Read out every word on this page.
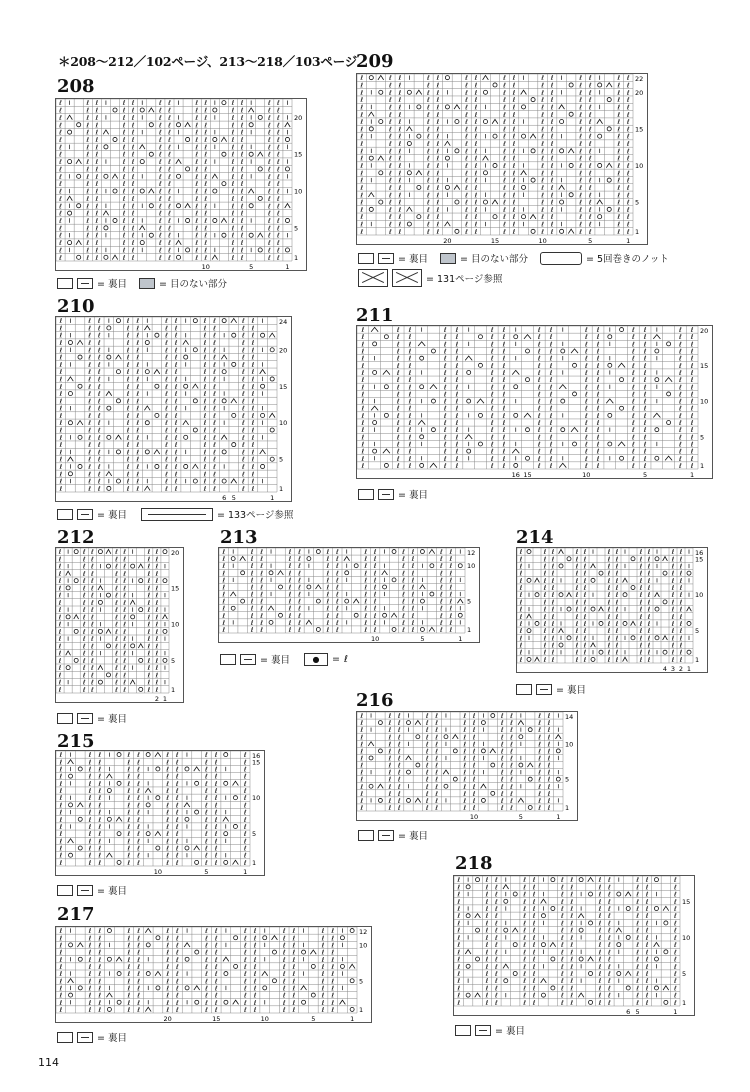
＊208〜212／102ページ、213〜218／103ページ
208
ℓ	ℓ ℓ	ℓ ℓ	ℓ ℓ	ℓ ℓ	ℓ ℓ	ℓ ℓ
ℓ	ℓ ℓ	ℓ ℓ	ℓ ℓ	ℓ ℓ	ℓ ℓ	ℓ ℓ
ℓ	ℓ ℓ	ℓ ℓ	ℓ ℓ	ℓ ℓ	ℓ ℓ	ℓ ℓ
ℓ	ℓ ℓ	ℓ ℓ	ℓ ℓ	ℓ ℓ	ℓ ℓ	ℓ ℓ
ℓ	ℓ ℓ	ℓ ℓ	ℓ ℓ	ℓ ℓ	ℓ ℓ	ℓ ℓ
ℓ	ℓ ℓ	ℓ ℓ	ℓ ℓ	ℓ ℓ	ℓ ℓ	ℓ ℓ
ℓ	ℓ ℓ	ℓ ℓ	ℓ ℓ	ℓ ℓ	ℓ ℓ	ℓ ℓ
ℓ	ℓ ℓ	ℓ ℓ	ℓ ℓ	ℓ ℓ	ℓ ℓ	ℓ ℓ
ℓ	ℓ ℓ	ℓ ℓ	ℓ ℓ	ℓ ℓ	ℓ ℓ	ℓ ℓ
ℓ	ℓ ℓ	ℓ ℓ	ℓ ℓ	ℓ ℓ	ℓ ℓ	ℓ ℓ
ℓ	ℓ ℓ	ℓ ℓ	ℓ ℓ	ℓ ℓ	ℓ ℓ	ℓ ℓ
ℓ	ℓ ℓ	ℓ ℓ	ℓ ℓ	ℓ ℓ	ℓ ℓ	ℓ ℓ
ℓ	ℓ ℓ	ℓ ℓ	ℓ ℓ	ℓ ℓ	ℓ ℓ	ℓ ℓ
ℓ	ℓ ℓ	ℓ ℓ	ℓ ℓ	ℓ ℓ	ℓ ℓ	ℓ ℓ
ℓ	ℓ ℓ	ℓ ℓ	ℓ ℓ	ℓ ℓ	ℓ ℓ	ℓ ℓ
ℓ	ℓ ℓ	ℓ ℓ	ℓ ℓ	ℓ ℓ	ℓ ℓ	ℓ ℓ
ℓ	ℓ ℓ	ℓ ℓ	ℓ ℓ	ℓ ℓ	ℓ ℓ	ℓ ℓ
ℓ	ℓ ℓ	ℓ ℓ	ℓ ℓ	ℓ ℓ	ℓ ℓ	ℓ ℓ
ℓ	ℓ ℓ	ℓ ℓ	ℓ ℓ	ℓ ℓ	ℓ ℓ	ℓ ℓ
ℓ	ℓ ℓ	ℓ ℓ	ℓ ℓ	ℓ ℓ	ℓ ℓ	ℓ ℓ
ℓ	ℓ ℓ	ℓ ℓ	ℓ ℓ	ℓ ℓ	ℓ ℓ	ℓ ℓ
ℓ	ℓ ℓ	ℓ ℓ	ℓ ℓ	ℓ ℓ	ℓ ℓ	ℓ ℓ
20
15
10
5
1
10	5	1
= 裏目	= 目のない部分
209
ℓ	ℓ ℓ	ℓ ℓ	ℓ ℓ	ℓ ℓ	ℓ ℓ	ℓ ℓ	ℓ ℓ
ℓ	ℓ ℓ	ℓ ℓ	ℓ ℓ	ℓ ℓ	ℓ ℓ	ℓ ℓ	ℓ ℓ
ℓ	ℓ ℓ	ℓ ℓ	ℓ ℓ	ℓ ℓ	ℓ ℓ	ℓ ℓ	ℓ ℓ
ℓ	ℓ ℓ	ℓ ℓ	ℓ ℓ	ℓ ℓ	ℓ ℓ	ℓ ℓ	ℓ ℓ
ℓ	ℓ ℓ	ℓ ℓ	ℓ ℓ	ℓ ℓ	ℓ ℓ	ℓ ℓ	ℓ ℓ
ℓ	ℓ ℓ	ℓ ℓ	ℓ ℓ	ℓ ℓ	ℓ ℓ	ℓ ℓ	ℓ ℓ
ℓ	ℓ ℓ	ℓ ℓ	ℓ ℓ	ℓ ℓ	ℓ ℓ	ℓ ℓ	ℓ ℓ
ℓ	ℓ ℓ	ℓ ℓ	ℓ ℓ	ℓ ℓ	ℓ ℓ	ℓ ℓ	ℓ ℓ
ℓ	ℓ ℓ	ℓ ℓ	ℓ ℓ	ℓ ℓ	ℓ ℓ	ℓ ℓ	ℓ ℓ
ℓ	ℓ ℓ	ℓ ℓ	ℓ ℓ	ℓ ℓ	ℓ ℓ	ℓ ℓ	ℓ ℓ
ℓ	ℓ ℓ	ℓ ℓ	ℓ ℓ	ℓ ℓ	ℓ ℓ	ℓ ℓ	ℓ ℓ
ℓ	ℓ ℓ	ℓ ℓ	ℓ ℓ	ℓ ℓ	ℓ ℓ	ℓ ℓ	ℓ ℓ
ℓ	ℓ ℓ	ℓ ℓ	ℓ ℓ	ℓ ℓ	ℓ ℓ	ℓ ℓ	ℓ ℓ
ℓ	ℓ ℓ	ℓ ℓ	ℓ ℓ	ℓ ℓ	ℓ ℓ	ℓ ℓ	ℓ ℓ
ℓ	ℓ ℓ	ℓ ℓ	ℓ ℓ	ℓ ℓ	ℓ ℓ	ℓ ℓ	ℓ ℓ
ℓ	ℓ ℓ	ℓ ℓ	ℓ ℓ	ℓ ℓ	ℓ ℓ	ℓ ℓ	ℓ ℓ
ℓ	ℓ ℓ	ℓ ℓ	ℓ ℓ	ℓ ℓ	ℓ ℓ	ℓ ℓ	ℓ ℓ
ℓ	ℓ ℓ	ℓ ℓ	ℓ ℓ	ℓ ℓ	ℓ ℓ	ℓ ℓ	ℓ ℓ
ℓ	ℓ ℓ	ℓ ℓ	ℓ ℓ	ℓ ℓ	ℓ ℓ	ℓ ℓ	ℓ ℓ
ℓ	ℓ ℓ	ℓ ℓ	ℓ ℓ	ℓ ℓ	ℓ ℓ	ℓ ℓ	ℓ ℓ
ℓ	ℓ ℓ	ℓ ℓ	ℓ ℓ	ℓ ℓ	ℓ ℓ	ℓ ℓ	ℓ ℓ
ℓ	ℓ ℓ	ℓ ℓ	ℓ ℓ	ℓ ℓ	ℓ ℓ	ℓ ℓ	ℓ ℓ
22
20
15
10
5
1
20	15	10	5	1
= 裏目	= 目のない部分	= 5回巻きのノット
= 131ページ参照
210
ℓ	ℓ ℓ	ℓ ℓ	ℓ ℓ	ℓ ℓ	ℓ ℓ
ℓ	ℓ ℓ	ℓ ℓ	ℓ ℓ	ℓ ℓ	ℓ ℓ
ℓ	ℓ ℓ	ℓ ℓ	ℓ ℓ	ℓ ℓ	ℓ ℓ
ℓ	ℓ ℓ	ℓ ℓ	ℓ ℓ	ℓ ℓ	ℓ ℓ
ℓ	ℓ ℓ	ℓ ℓ	ℓ ℓ	ℓ ℓ	ℓ ℓ
ℓ	ℓ ℓ	ℓ ℓ	ℓ ℓ	ℓ ℓ	ℓ ℓ
ℓ	ℓ ℓ	ℓ ℓ	ℓ ℓ	ℓ ℓ	ℓ ℓ
ℓ	ℓ ℓ	ℓ ℓ	ℓ ℓ	ℓ ℓ	ℓ ℓ
ℓ	ℓ ℓ	ℓ ℓ	ℓ ℓ	ℓ ℓ	ℓ ℓ
ℓ	ℓ ℓ	ℓ ℓ	ℓ ℓ	ℓ ℓ	ℓ ℓ
ℓ	ℓ ℓ	ℓ ℓ	ℓ ℓ	ℓ ℓ	ℓ ℓ
ℓ	ℓ ℓ	ℓ ℓ	ℓ ℓ	ℓ ℓ	ℓ ℓ
ℓ	ℓ ℓ	ℓ ℓ	ℓ ℓ	ℓ ℓ	ℓ ℓ
ℓ	ℓ ℓ	ℓ ℓ	ℓ ℓ	ℓ ℓ	ℓ ℓ
ℓ	ℓ ℓ	ℓ ℓ	ℓ ℓ	ℓ ℓ	ℓ ℓ
ℓ	ℓ ℓ	ℓ ℓ	ℓ ℓ	ℓ ℓ	ℓ ℓ
ℓ	ℓ ℓ	ℓ ℓ	ℓ ℓ	ℓ ℓ	ℓ ℓ
ℓ	ℓ ℓ	ℓ ℓ	ℓ ℓ	ℓ ℓ	ℓ ℓ
ℓ	ℓ ℓ	ℓ ℓ	ℓ ℓ	ℓ ℓ	ℓ ℓ
ℓ	ℓ ℓ	ℓ ℓ	ℓ ℓ	ℓ ℓ	ℓ ℓ
ℓ	ℓ ℓ	ℓ ℓ	ℓ ℓ	ℓ ℓ	ℓ ℓ
ℓ	ℓ ℓ	ℓ ℓ	ℓ ℓ	ℓ ℓ	ℓ ℓ
ℓ	ℓ ℓ	ℓ ℓ	ℓ ℓ	ℓ ℓ	ℓ ℓ
ℓ	ℓ ℓ	ℓ ℓ	ℓ ℓ	ℓ ℓ	ℓ ℓ
24
20
15
10
5
1
6 5	1
= 裏目	= 133ページ参照
211
ℓ	ℓ ℓ	ℓ ℓ	ℓ ℓ	ℓ ℓ	ℓ ℓ	ℓ ℓ	ℓ ℓ
ℓ	ℓ ℓ	ℓ ℓ	ℓ ℓ	ℓ ℓ	ℓ ℓ	ℓ ℓ	ℓ ℓ
ℓ	ℓ ℓ	ℓ ℓ	ℓ ℓ	ℓ ℓ	ℓ ℓ	ℓ ℓ	ℓ ℓ
ℓ	ℓ ℓ	ℓ ℓ	ℓ ℓ	ℓ ℓ	ℓ ℓ	ℓ ℓ	ℓ ℓ
ℓ	ℓ ℓ	ℓ ℓ	ℓ ℓ	ℓ ℓ	ℓ ℓ	ℓ ℓ	ℓ ℓ
ℓ	ℓ ℓ	ℓ ℓ	ℓ ℓ	ℓ ℓ	ℓ ℓ	ℓ ℓ	ℓ ℓ
ℓ	ℓ ℓ	ℓ ℓ	ℓ ℓ	ℓ ℓ	ℓ ℓ	ℓ ℓ	ℓ ℓ
ℓ	ℓ ℓ	ℓ ℓ	ℓ ℓ	ℓ ℓ	ℓ ℓ	ℓ ℓ	ℓ ℓ
ℓ	ℓ ℓ	ℓ ℓ	ℓ ℓ	ℓ ℓ	ℓ ℓ	ℓ ℓ	ℓ ℓ
ℓ	ℓ ℓ	ℓ ℓ	ℓ ℓ	ℓ ℓ	ℓ ℓ	ℓ ℓ	ℓ ℓ
ℓ	ℓ ℓ	ℓ ℓ	ℓ ℓ	ℓ ℓ	ℓ ℓ	ℓ ℓ	ℓ ℓ
ℓ	ℓ ℓ	ℓ ℓ	ℓ ℓ	ℓ ℓ	ℓ ℓ	ℓ ℓ	ℓ ℓ
ℓ	ℓ ℓ	ℓ ℓ	ℓ ℓ	ℓ ℓ	ℓ ℓ	ℓ ℓ	ℓ ℓ
ℓ	ℓ ℓ	ℓ ℓ	ℓ ℓ	ℓ ℓ	ℓ ℓ	ℓ ℓ	ℓ ℓ
ℓ	ℓ ℓ	ℓ ℓ	ℓ ℓ	ℓ ℓ	ℓ ℓ	ℓ ℓ	ℓ ℓ
ℓ	ℓ ℓ	ℓ ℓ	ℓ ℓ	ℓ ℓ	ℓ ℓ	ℓ ℓ	ℓ ℓ
ℓ	ℓ ℓ	ℓ ℓ	ℓ ℓ	ℓ ℓ	ℓ ℓ	ℓ ℓ	ℓ ℓ
ℓ	ℓ ℓ	ℓ ℓ	ℓ ℓ	ℓ ℓ	ℓ ℓ	ℓ ℓ	ℓ ℓ
ℓ	ℓ ℓ	ℓ ℓ	ℓ ℓ	ℓ ℓ	ℓ ℓ	ℓ ℓ	ℓ ℓ
ℓ	ℓ ℓ	ℓ ℓ	ℓ ℓ	ℓ ℓ	ℓ ℓ	ℓ ℓ	ℓ ℓ
20
15
10
5
1
16 15	10	5	1
= 裏目
212
ℓ	ℓ ℓ	ℓ ℓ	ℓ ℓ
ℓ	ℓ ℓ	ℓ ℓ	ℓ ℓ
ℓ	ℓ ℓ	ℓ ℓ	ℓ ℓ
ℓ	ℓ ℓ	ℓ ℓ	ℓ ℓ
ℓ	ℓ ℓ	ℓ ℓ	ℓ ℓ
ℓ	ℓ ℓ	ℓ ℓ	ℓ ℓ
ℓ	ℓ ℓ	ℓ ℓ	ℓ ℓ
ℓ	ℓ ℓ	ℓ ℓ	ℓ ℓ
ℓ	ℓ ℓ	ℓ ℓ	ℓ ℓ
ℓ	ℓ ℓ	ℓ ℓ	ℓ ℓ
ℓ	ℓ ℓ	ℓ ℓ	ℓ ℓ
ℓ	ℓ ℓ	ℓ ℓ	ℓ ℓ
ℓ	ℓ ℓ	ℓ ℓ	ℓ ℓ
ℓ	ℓ ℓ	ℓ ℓ	ℓ ℓ
ℓ	ℓ ℓ	ℓ ℓ	ℓ ℓ
ℓ	ℓ ℓ	ℓ ℓ	ℓ ℓ
ℓ	ℓ ℓ	ℓ ℓ	ℓ ℓ
ℓ	ℓ ℓ	ℓ ℓ	ℓ ℓ
ℓ	ℓ ℓ	ℓ ℓ	ℓ ℓ
ℓ	ℓ ℓ	ℓ ℓ	ℓ ℓ
20
15
10
5
1
2 1
= 裏目
213
ℓ	ℓ ℓ	ℓ ℓ	ℓ ℓ	ℓ ℓ	ℓ ℓ	ℓ ℓ
ℓ	ℓ ℓ	ℓ ℓ	ℓ ℓ	ℓ ℓ	ℓ ℓ	ℓ ℓ
ℓ	ℓ ℓ	ℓ ℓ	ℓ ℓ	ℓ ℓ	ℓ ℓ	ℓ ℓ
ℓ	ℓ ℓ	ℓ ℓ	ℓ ℓ	ℓ ℓ	ℓ ℓ	ℓ ℓ
ℓ	ℓ ℓ	ℓ ℓ	ℓ ℓ	ℓ ℓ	ℓ ℓ	ℓ ℓ
ℓ	ℓ ℓ	ℓ ℓ	ℓ ℓ	ℓ ℓ	ℓ ℓ	ℓ ℓ
ℓ	ℓ ℓ	ℓ ℓ	ℓ ℓ	ℓ ℓ	ℓ ℓ	ℓ ℓ
ℓ	ℓ ℓ	ℓ ℓ	ℓ ℓ	ℓ ℓ	ℓ ℓ	ℓ ℓ
ℓ	ℓ ℓ	ℓ ℓ	ℓ ℓ	ℓ ℓ	ℓ ℓ	ℓ ℓ
ℓ	ℓ ℓ	ℓ ℓ	ℓ ℓ	ℓ ℓ	ℓ ℓ	ℓ ℓ
ℓ	ℓ ℓ	ℓ ℓ	ℓ ℓ	ℓ ℓ	ℓ ℓ	ℓ ℓ
ℓ	ℓ ℓ	ℓ ℓ	ℓ ℓ	ℓ ℓ	ℓ ℓ	ℓ ℓ
12
10
5
1
10	5	1
= 裏目	●	= ℓ
214
ℓ	ℓ ℓ	ℓ ℓ	ℓ ℓ	ℓ ℓ	ℓ ℓ
ℓ	ℓ ℓ	ℓ ℓ	ℓ ℓ	ℓ ℓ	ℓ ℓ
ℓ	ℓ ℓ	ℓ ℓ	ℓ ℓ	ℓ ℓ	ℓ ℓ
ℓ	ℓ ℓ	ℓ ℓ	ℓ ℓ	ℓ ℓ	ℓ ℓ
ℓ	ℓ ℓ	ℓ ℓ	ℓ ℓ	ℓ ℓ	ℓ ℓ
ℓ	ℓ ℓ	ℓ ℓ	ℓ ℓ	ℓ ℓ	ℓ ℓ
ℓ	ℓ ℓ	ℓ ℓ	ℓ ℓ	ℓ ℓ	ℓ ℓ
ℓ	ℓ ℓ	ℓ ℓ	ℓ ℓ	ℓ ℓ	ℓ ℓ
ℓ	ℓ ℓ	ℓ ℓ	ℓ ℓ	ℓ ℓ	ℓ ℓ
ℓ	ℓ ℓ	ℓ ℓ	ℓ ℓ	ℓ ℓ	ℓ ℓ
ℓ	ℓ ℓ	ℓ ℓ	ℓ ℓ	ℓ ℓ	ℓ ℓ
ℓ	ℓ ℓ	ℓ ℓ	ℓ ℓ	ℓ ℓ	ℓ ℓ
ℓ	ℓ ℓ	ℓ ℓ	ℓ ℓ	ℓ ℓ	ℓ ℓ
ℓ	ℓ ℓ	ℓ ℓ	ℓ ℓ	ℓ ℓ	ℓ ℓ
ℓ	ℓ ℓ	ℓ ℓ	ℓ ℓ	ℓ ℓ	ℓ ℓ
ℓ	ℓ ℓ	ℓ ℓ	ℓ ℓ	ℓ ℓ	ℓ ℓ
16
15
10
5
1
4 3 2 1
= 裏目
215
ℓ	ℓ ℓ	ℓ ℓ	ℓ ℓ	ℓ ℓ	ℓ
ℓ	ℓ ℓ	ℓ ℓ	ℓ ℓ	ℓ ℓ	ℓ
ℓ	ℓ ℓ	ℓ ℓ	ℓ ℓ	ℓ ℓ	ℓ
ℓ	ℓ ℓ	ℓ ℓ	ℓ ℓ	ℓ ℓ	ℓ
ℓ	ℓ ℓ	ℓ ℓ	ℓ ℓ	ℓ ℓ	ℓ
ℓ	ℓ ℓ	ℓ ℓ	ℓ ℓ	ℓ ℓ	ℓ
ℓ	ℓ ℓ	ℓ ℓ	ℓ ℓ	ℓ ℓ	ℓ
ℓ	ℓ ℓ	ℓ ℓ	ℓ ℓ	ℓ ℓ	ℓ
ℓ	ℓ ℓ	ℓ ℓ	ℓ ℓ	ℓ ℓ	ℓ
ℓ	ℓ ℓ	ℓ ℓ	ℓ ℓ	ℓ ℓ	ℓ
ℓ	ℓ ℓ	ℓ ℓ	ℓ ℓ	ℓ ℓ	ℓ
ℓ	ℓ ℓ	ℓ ℓ	ℓ ℓ	ℓ ℓ	ℓ
ℓ	ℓ ℓ	ℓ ℓ	ℓ ℓ	ℓ ℓ	ℓ
ℓ	ℓ ℓ	ℓ ℓ	ℓ ℓ	ℓ ℓ	ℓ
ℓ	ℓ ℓ	ℓ ℓ	ℓ ℓ	ℓ ℓ	ℓ
ℓ	ℓ ℓ	ℓ ℓ	ℓ ℓ	ℓ ℓ	ℓ
16
15
10
5
1
10	5	1
= 裏目
216
ℓ	ℓ ℓ	ℓ ℓ	ℓ ℓ	ℓ ℓ	ℓ ℓ
ℓ	ℓ ℓ	ℓ ℓ	ℓ ℓ	ℓ ℓ	ℓ ℓ
ℓ	ℓ ℓ	ℓ ℓ	ℓ ℓ	ℓ ℓ	ℓ ℓ
ℓ	ℓ ℓ	ℓ ℓ	ℓ ℓ	ℓ ℓ	ℓ ℓ
ℓ	ℓ ℓ	ℓ ℓ	ℓ ℓ	ℓ ℓ	ℓ ℓ
ℓ	ℓ ℓ	ℓ ℓ	ℓ ℓ	ℓ ℓ	ℓ ℓ
ℓ	ℓ ℓ	ℓ ℓ	ℓ ℓ	ℓ ℓ	ℓ ℓ
ℓ	ℓ ℓ	ℓ ℓ	ℓ ℓ	ℓ ℓ	ℓ ℓ
ℓ	ℓ ℓ	ℓ ℓ	ℓ ℓ	ℓ ℓ	ℓ ℓ
ℓ	ℓ ℓ	ℓ ℓ	ℓ ℓ	ℓ ℓ	ℓ ℓ
ℓ	ℓ ℓ	ℓ ℓ	ℓ ℓ	ℓ ℓ	ℓ ℓ
ℓ	ℓ ℓ	ℓ ℓ	ℓ ℓ	ℓ ℓ	ℓ ℓ
ℓ	ℓ ℓ	ℓ ℓ	ℓ ℓ	ℓ ℓ	ℓ ℓ
ℓ	ℓ ℓ	ℓ ℓ	ℓ ℓ	ℓ ℓ	ℓ ℓ
14
10
5
1
10	5	1
= 裏目
217
ℓ	ℓ ℓ	ℓ ℓ	ℓ ℓ	ℓ ℓ	ℓ ℓ	ℓ ℓ	ℓ ℓ
ℓ	ℓ ℓ	ℓ ℓ	ℓ ℓ	ℓ ℓ	ℓ ℓ	ℓ ℓ	ℓ ℓ
ℓ	ℓ ℓ	ℓ ℓ	ℓ ℓ	ℓ ℓ	ℓ ℓ	ℓ ℓ	ℓ ℓ
ℓ	ℓ ℓ	ℓ ℓ	ℓ ℓ	ℓ ℓ	ℓ ℓ	ℓ ℓ	ℓ ℓ
ℓ	ℓ ℓ	ℓ ℓ	ℓ ℓ	ℓ ℓ	ℓ ℓ	ℓ ℓ	ℓ ℓ
ℓ	ℓ ℓ	ℓ ℓ	ℓ ℓ	ℓ ℓ	ℓ ℓ	ℓ ℓ	ℓ ℓ
ℓ	ℓ ℓ	ℓ ℓ	ℓ ℓ	ℓ ℓ	ℓ ℓ	ℓ ℓ	ℓ ℓ
ℓ	ℓ ℓ	ℓ ℓ	ℓ ℓ	ℓ ℓ	ℓ ℓ	ℓ ℓ	ℓ ℓ
ℓ	ℓ ℓ	ℓ ℓ	ℓ ℓ	ℓ ℓ	ℓ ℓ	ℓ ℓ	ℓ ℓ
ℓ	ℓ ℓ	ℓ ℓ	ℓ ℓ	ℓ ℓ	ℓ ℓ	ℓ ℓ	ℓ ℓ
ℓ	ℓ ℓ	ℓ ℓ	ℓ ℓ	ℓ ℓ	ℓ ℓ	ℓ ℓ	ℓ ℓ
ℓ	ℓ ℓ	ℓ ℓ	ℓ ℓ	ℓ ℓ	ℓ ℓ	ℓ ℓ	ℓ ℓ
12
10
5
1
20	15	10	5	1
= 裏目
218
ℓ	ℓ ℓ	ℓ ℓ	ℓ ℓ	ℓ ℓ	ℓ ℓ	ℓ
ℓ	ℓ ℓ	ℓ ℓ	ℓ ℓ	ℓ ℓ	ℓ ℓ	ℓ
ℓ	ℓ ℓ	ℓ ℓ	ℓ ℓ	ℓ ℓ	ℓ ℓ	ℓ
ℓ	ℓ ℓ	ℓ ℓ	ℓ ℓ	ℓ ℓ	ℓ ℓ	ℓ
ℓ	ℓ ℓ	ℓ ℓ	ℓ ℓ	ℓ ℓ	ℓ ℓ	ℓ
ℓ	ℓ ℓ	ℓ ℓ	ℓ ℓ	ℓ ℓ	ℓ ℓ	ℓ
ℓ	ℓ ℓ	ℓ ℓ	ℓ ℓ	ℓ ℓ	ℓ ℓ	ℓ
ℓ	ℓ ℓ	ℓ ℓ	ℓ ℓ	ℓ ℓ	ℓ ℓ	ℓ
ℓ	ℓ ℓ	ℓ ℓ	ℓ ℓ	ℓ ℓ	ℓ ℓ	ℓ
ℓ	ℓ ℓ	ℓ ℓ	ℓ ℓ	ℓ ℓ	ℓ ℓ	ℓ
ℓ	ℓ ℓ	ℓ ℓ	ℓ ℓ	ℓ ℓ	ℓ ℓ	ℓ
ℓ	ℓ ℓ	ℓ ℓ	ℓ ℓ	ℓ ℓ	ℓ ℓ	ℓ
ℓ	ℓ ℓ	ℓ ℓ	ℓ ℓ	ℓ ℓ	ℓ ℓ	ℓ
ℓ	ℓ ℓ	ℓ ℓ	ℓ ℓ	ℓ ℓ	ℓ ℓ	ℓ
ℓ	ℓ ℓ	ℓ ℓ	ℓ ℓ	ℓ ℓ	ℓ ℓ	ℓ
ℓ	ℓ ℓ	ℓ ℓ	ℓ ℓ	ℓ ℓ	ℓ ℓ	ℓ
ℓ	ℓ ℓ	ℓ ℓ	ℓ ℓ	ℓ ℓ	ℓ ℓ	ℓ
ℓ	ℓ ℓ	ℓ ℓ	ℓ ℓ	ℓ ℓ	ℓ ℓ	ℓ
15
10
5
1
6 5	1
= 裏目
114
